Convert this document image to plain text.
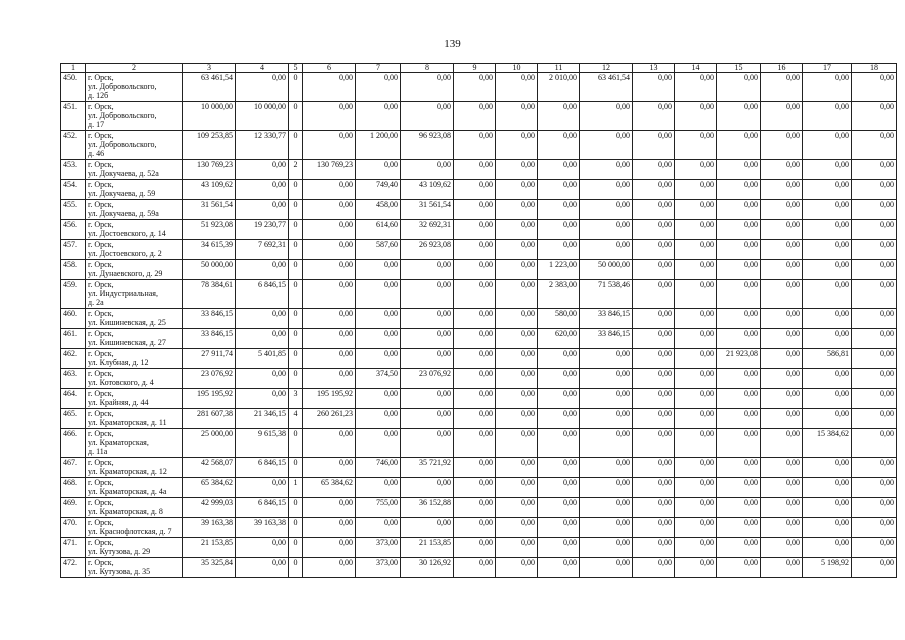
139
1	2	3	4	5	6	7	8	9	10	11	12	13	14	15	16	17	18
450.	г. Орск,
ул. Добровольского,
д. 12б	63 461,54	0,00	0	0,00	0,00	0,00	0,00	0,00	2 010,00	63 461,54	0,00	0,00	0,00	0,00	0,00	0,00
451.	г. Орск,
ул. Добровольского,
д. 17	10 000,00	10 000,00	0	0,00	0,00	0,00	0,00	0,00	0,00	0,00	0,00	0,00	0,00	0,00	0,00	0,00
452.	г. Орск,
ул. Добровольского,
д. 46	109 253,85	12 330,77	0	0,00	1 200,00	96 923,08	0,00	0,00	0,00	0,00	0,00	0,00	0,00	0,00	0,00	0,00
453.	г. Орск,
ул. Докучаева, д. 52а	130 769,23	0,00	2	130 769,23	0,00	0,00	0,00	0,00	0,00	0,00	0,00	0,00	0,00	0,00	0,00	0,00
454.	г. Орск,
ул. Докучаева, д. 59	43 109,62	0,00	0	0,00	749,40	43 109,62	0,00	0,00	0,00	0,00	0,00	0,00	0,00	0,00	0,00	0,00
455.	г. Орск,
ул. Докучаева, д. 59а	31 561,54	0,00	0	0,00	458,00	31 561,54	0,00	0,00	0,00	0,00	0,00	0,00	0,00	0,00	0,00	0,00
456.	г. Орск,
ул. Достоевского, д. 14	51 923,08	19 230,77	0	0,00	614,60	32 692,31	0,00	0,00	0,00	0,00	0,00	0,00	0,00	0,00	0,00	0,00
457.	г. Орск,
ул. Достоевского, д. 2	34 615,39	7 692,31	0	0,00	587,60	26 923,08	0,00	0,00	0,00	0,00	0,00	0,00	0,00	0,00	0,00	0,00
458.	г. Орск,
ул. Дунаевского, д. 29	50 000,00	0,00	0	0,00	0,00	0,00	0,00	0,00	1 223,00	50 000,00	0,00	0,00	0,00	0,00	0,00	0,00
459.	г. Орск,
ул. Индустриальная,
д. 2а	78 384,61	6 846,15	0	0,00	0,00	0,00	0,00	0,00	2 383,00	71 538,46	0,00	0,00	0,00	0,00	0,00	0,00
460.	г. Орск,
ул. Кишиневская, д. 25	33 846,15	0,00	0	0,00	0,00	0,00	0,00	0,00	580,00	33 846,15	0,00	0,00	0,00	0,00	0,00	0,00
461.	г. Орск,
ул. Кишиневская, д. 27	33 846,15	0,00	0	0,00	0,00	0,00	0,00	0,00	620,00	33 846,15	0,00	0,00	0,00	0,00	0,00	0,00
462.	г. Орск,
ул. Клубная, д. 12	27 911,74	5 401,85	0	0,00	0,00	0,00	0,00	0,00	0,00	0,00	0,00	0,00	21 923,08	0,00	586,81	0,00
463.	г. Орск,
ул. Котовского, д. 4	23 076,92	0,00	0	0,00	374,50	23 076,92	0,00	0,00	0,00	0,00	0,00	0,00	0,00	0,00	0,00	0,00
464.	г. Орск,
ул. Крайняя, д. 44	195 195,92	0,00	3	195 195,92	0,00	0,00	0,00	0,00	0,00	0,00	0,00	0,00	0,00	0,00	0,00	0,00
465.	г. Орск,
ул. Краматорская, д. 11	281 607,38	21 346,15	4	260 261,23	0,00	0,00	0,00	0,00	0,00	0,00	0,00	0,00	0,00	0,00	0,00	0,00
466.	г. Орск,
ул. Краматорская,
д. 11а	25 000,00	9 615,38	0	0,00	0,00	0,00	0,00	0,00	0,00	0,00	0,00	0,00	0,00	0,00	15 384,62	0,00
467.	г. Орск,
ул. Краматорская, д. 12	42 568,07	6 846,15	0	0,00	746,00	35 721,92	0,00	0,00	0,00	0,00	0,00	0,00	0,00	0,00	0,00	0,00
468.	г. Орск,
ул. Краматорская, д. 4а	65 384,62	0,00	1	65 384,62	0,00	0,00	0,00	0,00	0,00	0,00	0,00	0,00	0,00	0,00	0,00	0,00
469.	г. Орск,
ул. Краматорская, д. 8	42 999,03	6 846,15	0	0,00	755,00	36 152,88	0,00	0,00	0,00	0,00	0,00	0,00	0,00	0,00	0,00	0,00
470.	г. Орск,
ул. Краснофлотская, д. 7	39 163,38	39 163,38	0	0,00	0,00	0,00	0,00	0,00	0,00	0,00	0,00	0,00	0,00	0,00	0,00	0,00
471.	г. Орск,
ул. Кутузова, д. 29	21 153,85	0,00	0	0,00	373,00	21 153,85	0,00	0,00	0,00	0,00	0,00	0,00	0,00	0,00	0,00	0,00
472.	г. Орск,
ул. Кутузова, д. 35	35 325,84	0,00	0	0,00	373,00	30 126,92	0,00	0,00	0,00	0,00	0,00	0,00	0,00	0,00	5 198,92	0,00
